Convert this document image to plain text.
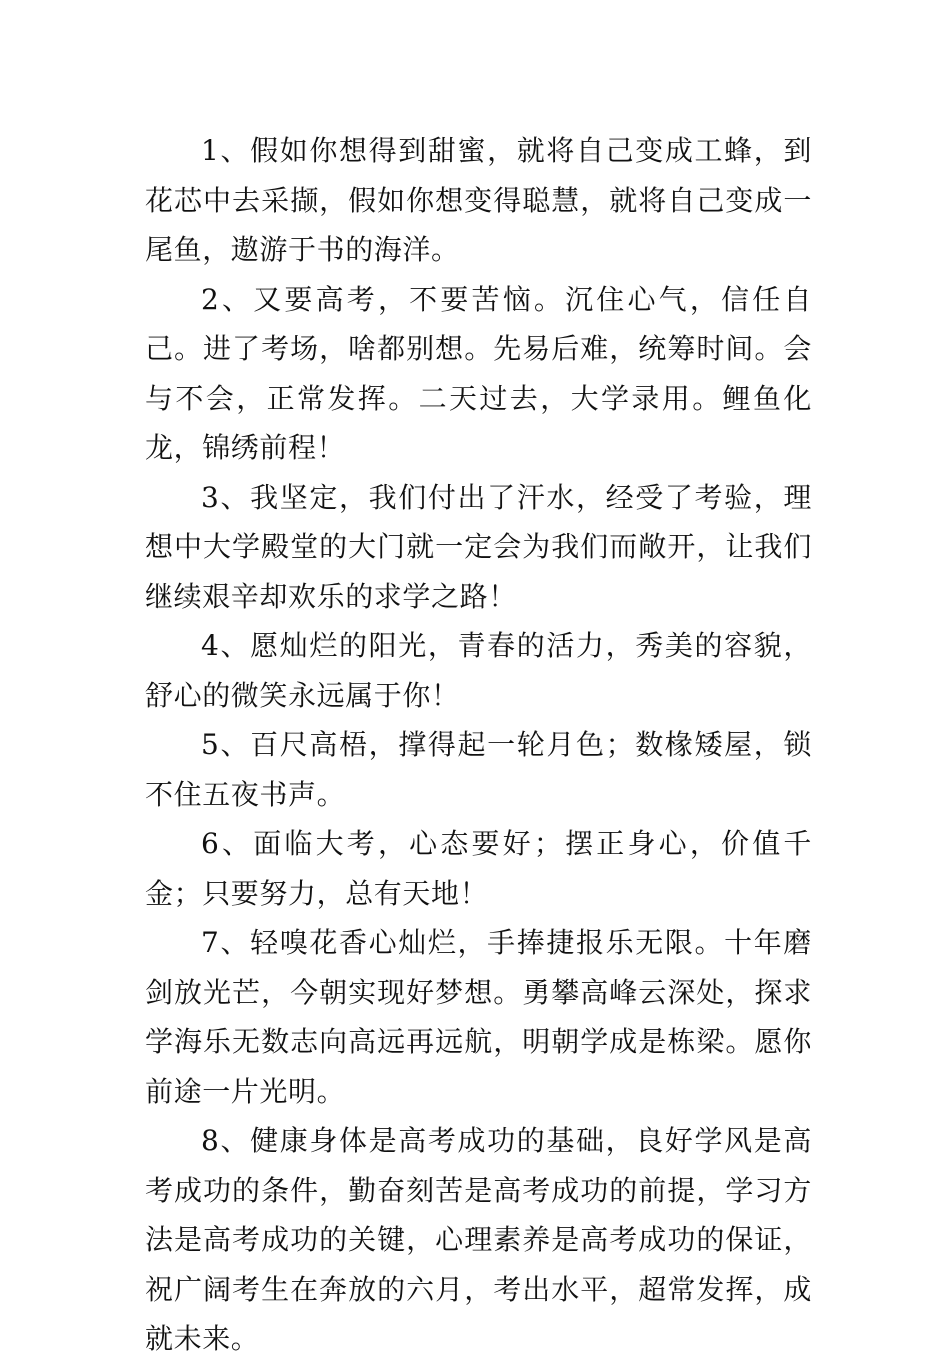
1、假如你想得到甜蜜，就将自己变成工蜂，到花芯中去采撷，假如你想变得聪慧，就将自己变成一尾鱼，遨游于书的海洋。

2、又要高考，不要苦恼。沉住心气，信任自己。进了考场，啥都别想。先易后难，统筹时间。会与不会，正常发挥。二天过去，大学录用。鲤鱼化龙，锦绣前程！

3、我坚定，我们付出了汗水，经受了考验，理想中大学殿堂的大门就一定会为我们而敞开，让我们继续艰辛却欢乐的求学之路！

4、愿灿烂的阳光，青春的活力，秀美的容貌，舒心的微笑永远属于你！

5、百尺高梧，撑得起一轮月色；数椽矮屋，锁不住五夜书声。

6、面临大考，心态要好；摆正身心，价值千金；只要努力，总有天地！

7、轻嗅花香心灿烂，手捧捷报乐无限。十年磨剑放光芒，今朝实现好梦想。勇攀高峰云深处，探求学海乐无数志向高远再远航，明朝学成是栋梁。愿你前途一片光明。

8、健康身体是高考成功的基础，良好学风是高考成功的条件，勤奋刻苦是高考成功的前提，学习方法是高考成功的关键，心理素养是高考成功的保证，祝广阔考生在奔放的六月，考出水平，超常发挥，成就未来。
